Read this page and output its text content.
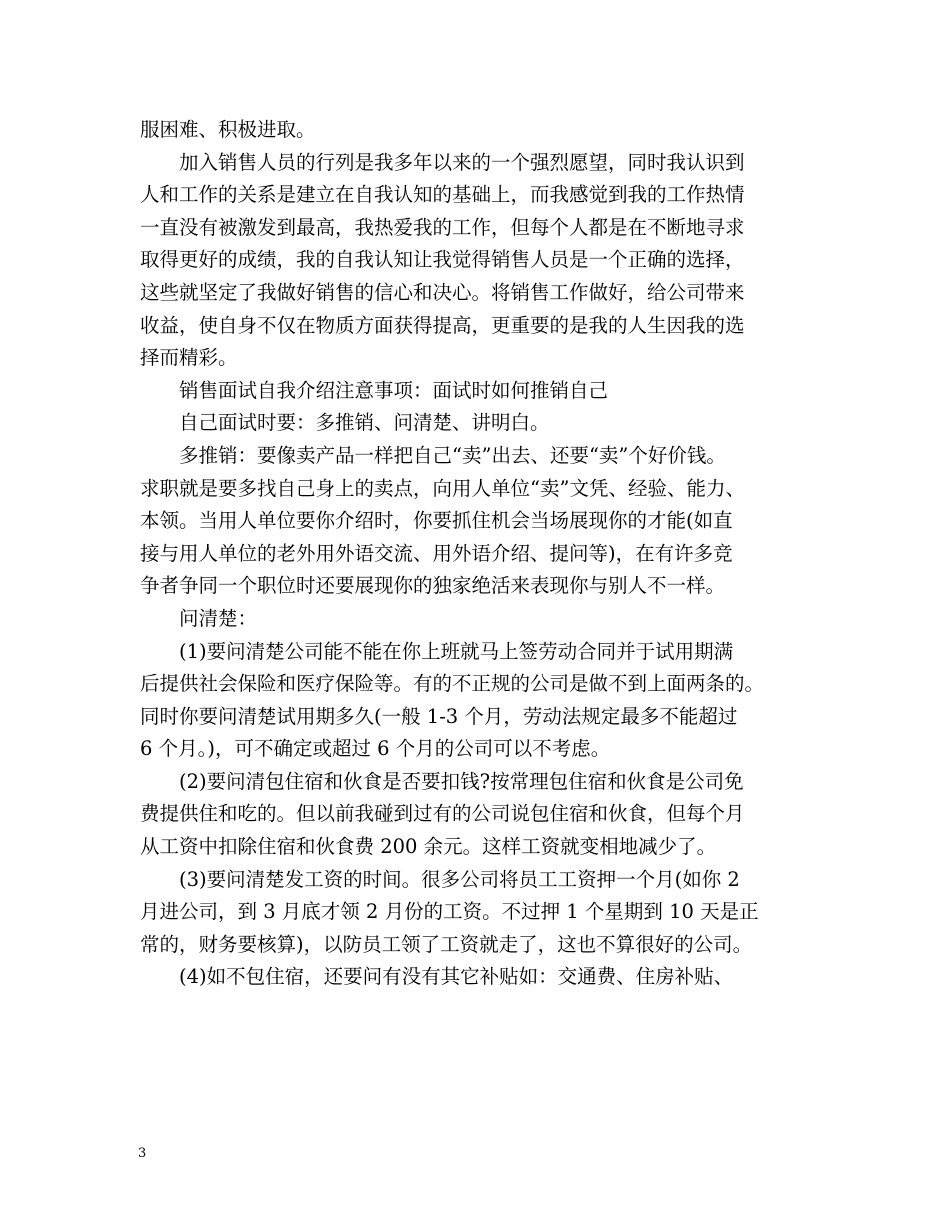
服困难、积极进取。
加入销售人员的行列是我多年以来的一个强烈愿望，同时我认识到
人和工作的关系是建立在自我认知的基础上，而我感觉到我的工作热情
一直没有被激发到最高，我热爱我的工作，但每个人都是在不断地寻求
取得更好的成绩，我的自我认知让我觉得销售人员是一个正确的选择，
这些就坚定了我做好销售的信心和决心。将销售工作做好，给公司带来
收益，使自身不仅在物质方面获得提高，更重要的是我的人生因我的选
择而精彩。
销售面试自我介绍注意事项：面试时如何推销自己
自己面试时要：多推销、问清楚、讲明白。
多推销：要像卖产品一样把自己“卖”出去、还要“卖”个好价钱。
求职就是要多找自己身上的卖点，向用人单位“卖”文凭、经验、能力、
本领。当用人单位要你介绍时，你要抓住机会当场展现你的才能(如直
接与用人单位的老外用外语交流、用外语介绍、提问等)，在有许多竞
争者争同一个职位时还要展现你的独家绝活来表现你与别人不一样。
问清楚：
(1)要问清楚公司能不能在你上班就马上签劳动合同并于试用期满
后提供社会保险和医疗保险等。有的不正规的公司是做不到上面两条的。
同时你要问清楚试用期多久(一般 1-3 个月，劳动法规定最多不能超过
6 个月。)，可不确定或超过 6 个月的公司可以不考虑。
(2)要问清包住宿和伙食是否要扣钱?按常理包住宿和伙食是公司免
费提供住和吃的。但以前我碰到过有的公司说包住宿和伙食，但每个月
从工资中扣除住宿和伙食费 200 余元。这样工资就变相地减少了。
(3)要问清楚发工资的时间。很多公司将员工工资押一个月(如你 2
月进公司，到 3 月底才领 2 月份的工资。不过押 1 个星期到 10 天是正
常的，财务要核算)，以防员工领了工资就走了，这也不算很好的公司。
(4)如不包住宿，还要问有没有其它补贴如：交通费、住房补贴、
3
